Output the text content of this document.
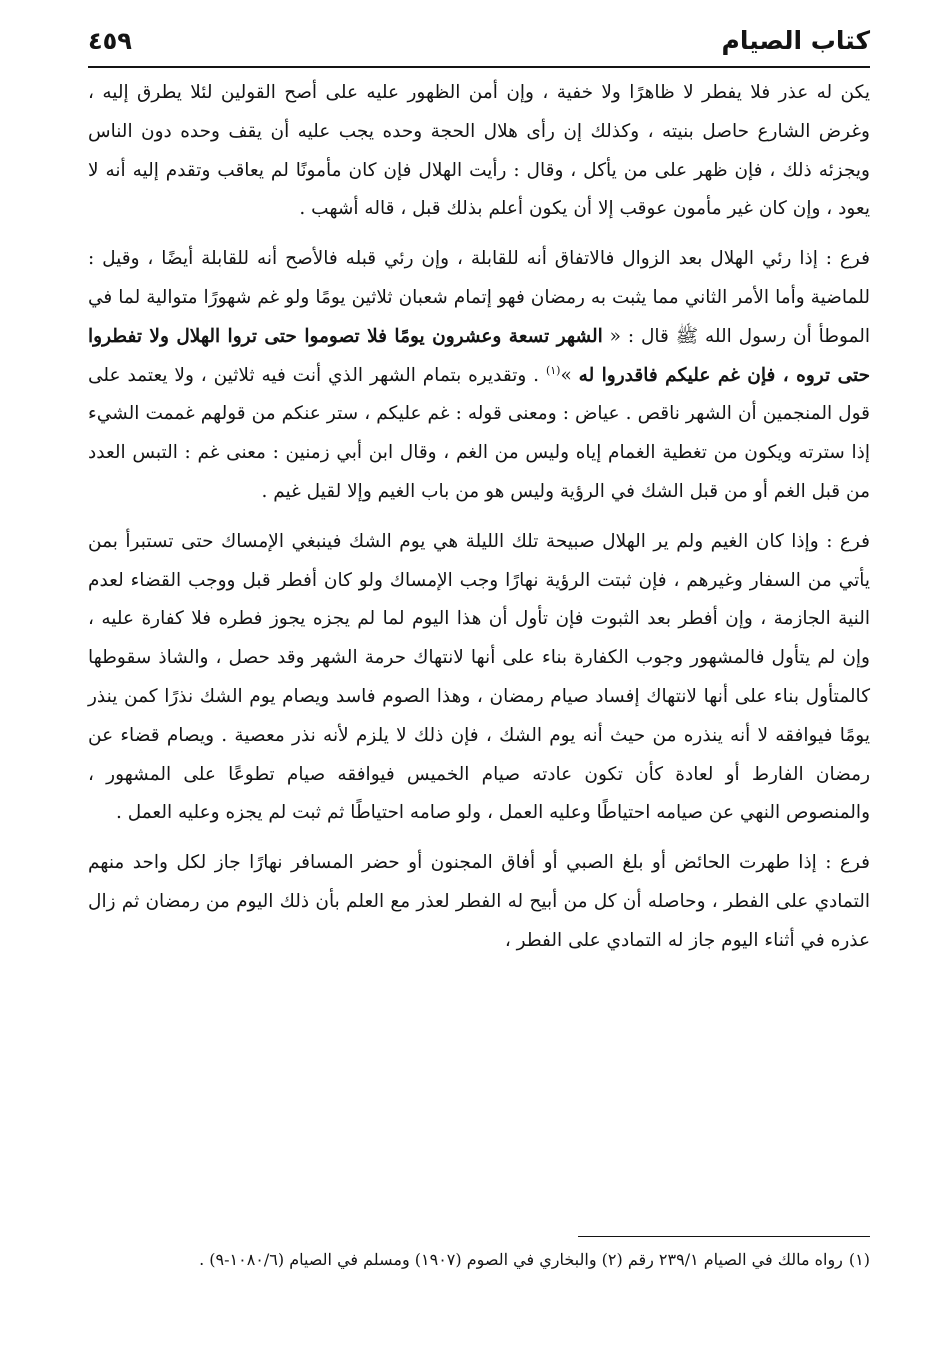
كتاب الصيام
٤٥٩

يكن له عذر فلا يفطر لا ظاهرًا ولا خفية ، وإن أمن الظهور عليه على أصح القولين لئلا يطرق إليه ، وغرض الشارع حاصل بنيته ، وكذلك إن رأى هلال الحجة وحده يجب عليه أن يقف وحده دون الناس ويجزئه ذلك ، فإن ظهر على من يأكل ، وقال : رأيت الهلال فإن كان مأمونًا لم يعاقب وتقدم إليه أنه لا يعود ، وإن كان غير مأمون عوقب إلا أن يكون أعلم بذلك قبل ، قاله أشهب .

فرع : إذا رئي الهلال بعد الزوال فالاتفاق أنه للقابلة ، وإن رئي قبله فالأصح أنه للقابلة أيضًا ، وقيل : للماضية وأما الأمر الثاني مما يثبت به رمضان فهو إتمام شعبان ثلاثين يومًا ولو غم شهورًا متوالية لما في الموطأ أن رسول الله ﷺ قال : « الشهر تسعة وعشرون يومًا فلا تصوموا حتى تروا الهلال ولا تفطروا حتى تروه ، فإن غم عليكم فاقدروا له »$^{(١)}$ . وتقديره بتمام الشهر الذي أنت فيه ثلاثين ، ولا يعتمد على قول المنجمين أن الشهر ناقص . عياض : ومعنى قوله : غم عليكم ، ستر عنكم من قولهم غممت الشيء إذا سترته ويكون من تغطية الغمام إياه وليس من الغم ، وقال ابن أبي زمنين : معنى غم : التبس العدد من قبل الغم أو من قبل الشك في الرؤية وليس هو من باب الغيم وإلا لقيل غيم .

فرع : وإذا كان الغيم ولم ير الهلال صبيحة تلك الليلة هي يوم الشك فينبغي الإمساك حتى تستبرأ بمن يأتي من السفار وغيرهم ، فإن ثبتت الرؤية نهارًا وجب الإمساك ولو كان أفطر قبل ووجب القضاء لعدم النية الجازمة ، وإن أفطر بعد الثبوت فإن تأول أن هذا اليوم لما لم يجزه يجوز فطره فلا كفارة عليه ، وإن لم يتأول فالمشهور وجوب الكفارة بناء على أنها لانتهاك حرمة الشهر وقد حصل ، والشاذ سقوطها كالمتأول بناء على أنها لانتهاك إفساد صيام رمضان ، وهذا الصوم فاسد ويصام يوم الشك نذرًا كمن ينذر يومًا فيوافقه لا أنه ينذره من حيث أنه يوم الشك ، فإن ذلك لا يلزم لأنه نذر معصية . ويصام قضاء عن رمضان الفارط أو لعادة كأن تكون عادته صيام الخميس فيوافقه صيام تطوعًا على المشهور ، والمنصوص النهي عن صيامه احتياطًا وعليه العمل ، ولو صامه احتياطًا ثم ثبت لم يجزه وعليه العمل .

فرع : إذا طهرت الحائض أو بلغ الصبي أو أفاق المجنون أو حضر المسافر نهارًا جاز لكل واحد منهم التمادي على الفطر ، وحاصله أن كل من أبيح له الفطر لعذر مع العلم بأن ذلك اليوم من رمضان ثم زال عذره في أثناء اليوم جاز له التمادي على الفطر ،

(١)رواه مالك في الصيام ٢٣٩/١ رقم (٢) والبخاري في الصوم (١٩٠٧) ومسلم في الصيام (١٠٨٠/٦-٩) .
